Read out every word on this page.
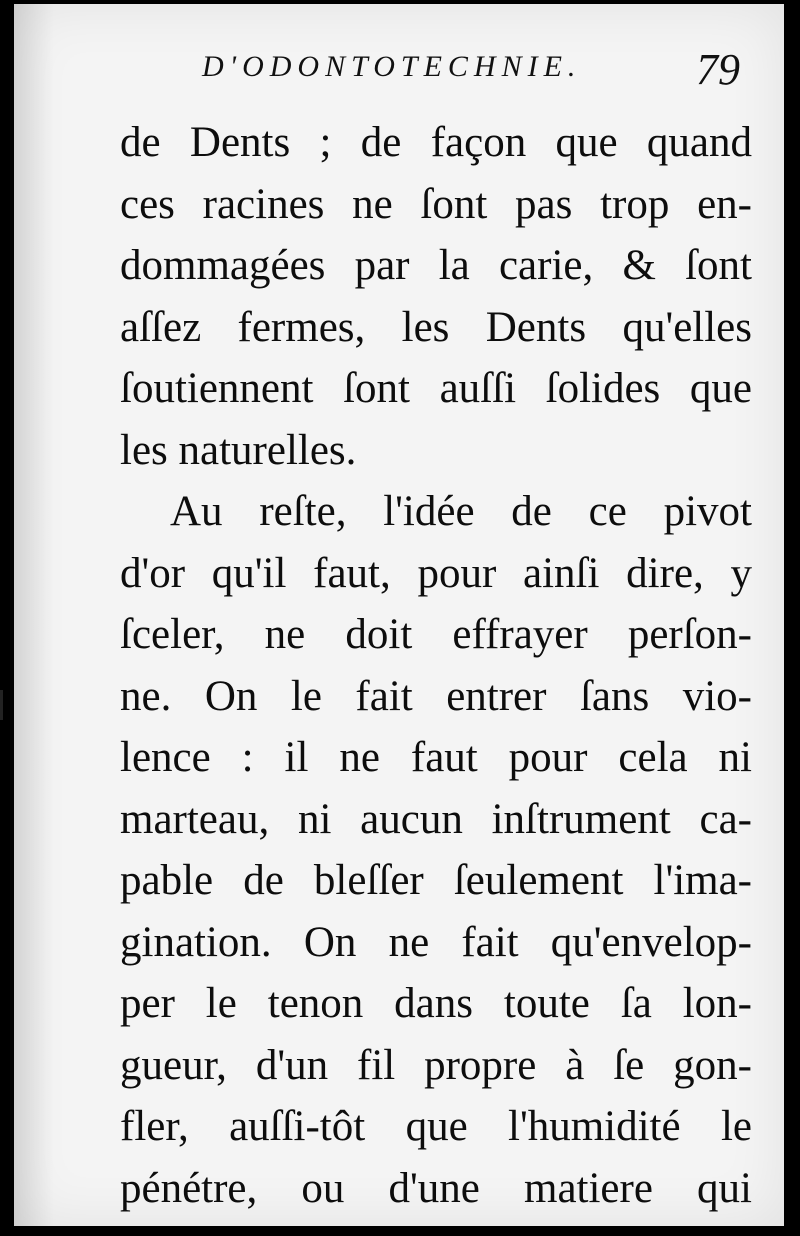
D'ODONTOTECHNIE.	79
de Dents ; de façon que quand
ces racines ne ſont pas trop en-
dommagées par la carie, & ſont
aſſez fermes, les Dents qu'elles
ſoutiennent ſont auſſi ſolides que
les naturelles.
Au reſte, l'idée de ce pivot
d'or qu'il faut, pour ainſi dire, y
ſceler, ne doit effrayer perſon-
ne. On le fait entrer ſans vio-
lence : il ne faut pour cela ni
marteau, ni aucun inſtrument ca-
pable de bleſſer ſeulement l'ima-
gination. On ne fait qu'envelop-
per le tenon dans toute ſa lon-
gueur, d'un fil propre à ſe gon-
fler, auſſi-tôt que l'humidité le
pénétre, ou d'une matiere qui
